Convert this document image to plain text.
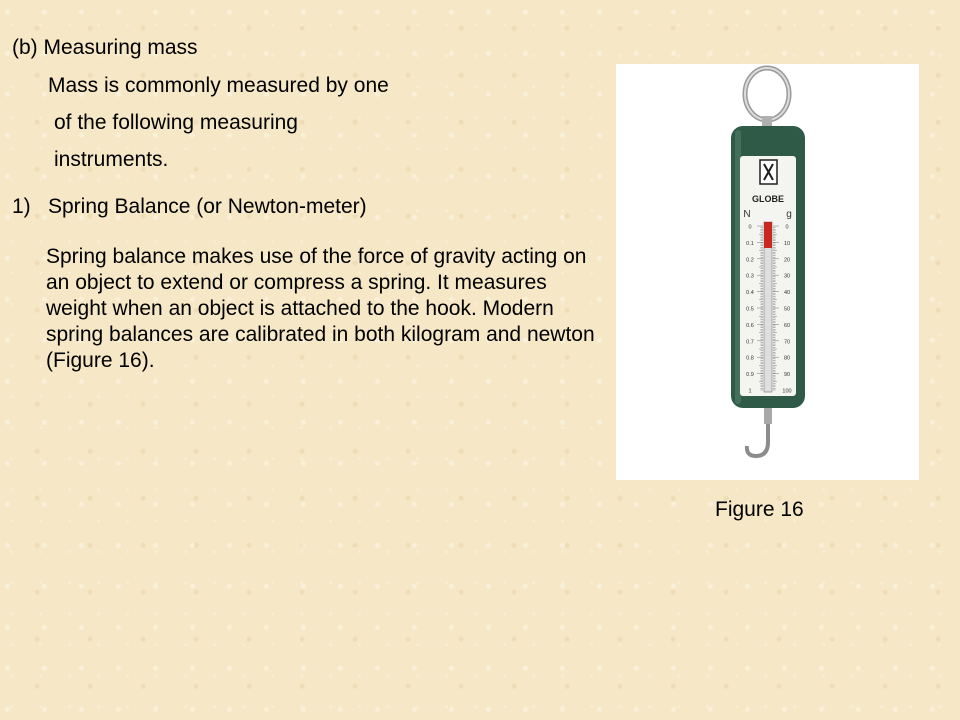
(b) Measuring mass
Mass is commonly measured by one
of the following measuring
instruments.
1) Spring Balance (or Newton-meter)
Spring balance makes use of the force of gravity acting on an object to extend or compress a spring. It measures weight when an object is attached to the hook. Modern spring balances are calibrated in both kilogram and newton (Figure 16).
GLOBE
N	g
0	0
0.1	10
0.2	20
0.3	30
0.4	40
0.5	50
0.6	60
0.7	70
0.8	80
0.9	90
1	100
Figure 16
